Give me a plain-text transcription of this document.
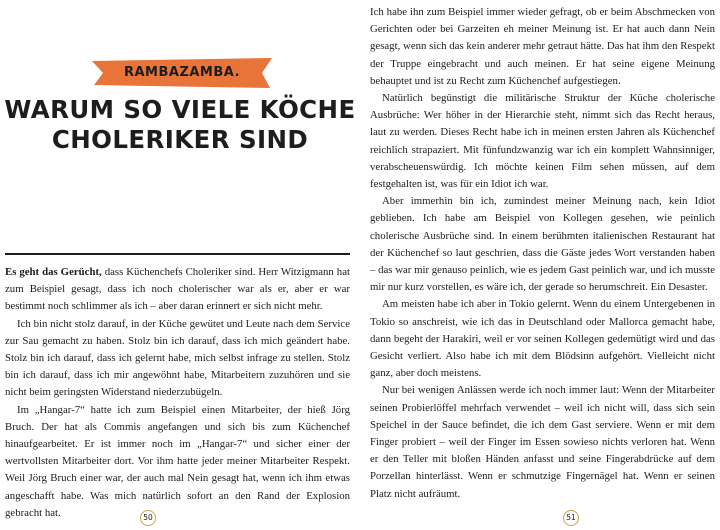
RAMBAZAMBA.
WARUM SO VIELE KÖCHE
CHOLERIKER SIND

Es geht das Gerücht, dass Küchenchefs Choleriker sind. Herr Witzigmann hat zum Beispiel gesagt, dass ich noch cholerischer war als er, aber er war bestimmt noch schlimmer als ich – aber daran erinnert er sich nicht mehr.

Ich bin nicht stolz darauf, in der Küche gewütet und Leute nach dem Service zur Sau gemacht zu haben. Stolz bin ich darauf, dass ich mich geändert habe. Stolz bin ich darauf, dass ich gelernt habe, mich selbst infrage zu stellen. Stolz bin ich darauf, dass ich mir angewöhnt habe, Mitarbeitern zuzuhören und sie nicht beim geringsten Widerstand niederzubügeln.

Im „Hangar-7“ hatte ich zum Beispiel einen Mitarbeiter, der hieß Jörg Bruch. Der hat als Commis angefangen und sich bis zum Küchenchef hinaufgearbeitet. Er ist immer noch im „Hangar-7“ und sicher einer der wertvollsten Mitarbeiter dort. Vor ihm hatte jeder meiner Mitarbeiter Respekt. Weil Jörg Bruch einer war, der auch mal Nein gesagt hat, wenn ich ihm etwas angeschafft habe. Was mich natürlich sofort an den Rand der Explosion gebracht hat.	50

Ich habe ihn zum Beispiel immer wieder gefragt, ob er beim Abschmecken von Gerichten oder bei Garzeiten eh meiner Meinung ist. Er hat auch dann Nein gesagt, wenn sich das kein anderer mehr getraut hätte. Das hat ihm den Respekt der Truppe eingebracht und auch meinen. Er hat seine eigene Meinung behauptet und ist zu Recht zum Küchenchef aufgestiegen.

Natürlich begünstigt die militärische Struktur der Küche cholerische Ausbrüche: Wer höher in der Hierarchie steht, nimmt sich das Recht heraus, laut zu werden. Dieses Recht habe ich in meinen ersten Jahren als Küchenchef reichlich strapaziert. Mit fünfundzwanzig war ich ein komplett Wahnsinniger, verabscheuenswürdig. Ich möchte keinen Film sehen müssen, auf dem festgehalten ist, was für ein Idiot ich war.

Aber immerhin bin ich, zumindest meiner Meinung nach, kein Idiot geblieben. Ich habe am Beispiel von Kollegen gesehen, wie peinlich cholerische Ausbrüche sind. In einem berühmten italienischen Restaurant hat der Küchenchef so laut geschrien, dass die Gäste jedes Wort verstanden haben – das war mir genauso peinlich, wie es jedem Gast peinlich war, und ich musste mir nur kurz vorstellen, es wäre ich, der gerade so herumschreit. Ein Desaster.

Am meisten habe ich aber in Tokio gelernt. Wenn du einem Untergebenen in Tokio so anschreist, wie ich das in Deutschland oder Mallorca gemacht habe, dann begeht der Harakiri, weil er vor seinen Kollegen gedemütigt wird und das Gesicht verliert. Also habe ich mit dem Blödsinn aufgehört. Vielleicht nicht ganz, aber doch meistens.

Nur bei wenigen Anlässen werde ich noch immer laut: Wenn der Mitarbeiter seinen Probierlöffel mehrfach verwendet – weil ich nicht will, dass sich sein Speichel in der Sauce befindet, die ich dem Gast serviere. Wenn er mit dem Finger probiert – weil der Finger im Essen sowieso nichts verloren hat. Wenn er den Teller mit bloßen Händen anfasst und seine Fingerabdrücke auf dem Porzellan hinterlässt. Wenn er schmutzige Fingernägel hat. Wenn er seinen Platz nicht aufräumt.

51
